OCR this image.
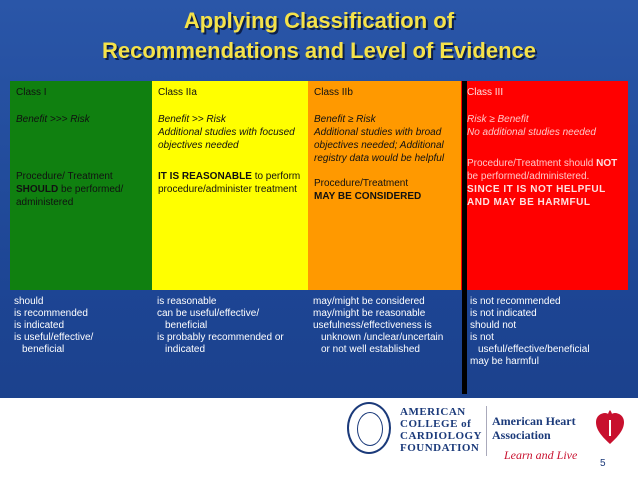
Applying Classification of
Recommendations and Level of Evidence
Class I
Benefit >>> Risk
Procedure/ Treatment
SHOULD be performed/ administered
Class IIa
Benefit >> Risk
Additional studies with focused objectives needed
IT IS REASONABLE to perform procedure/administer treatment
Class IIb
Benefit ≥ Risk
Additional studies with broad objectives needed; Additional registry data would be helpful
Procedure/Treatment
MAY BE CONSIDERED
Class III
Risk ≥ Benefit
No additional studies needed
Procedure/Treatment should NOT be performed/administered.
SINCE IT IS NOT HELPFUL AND MAY BE HARMFUL
should
is recommended
is indicated
is useful/effective/
beneficial
is reasonable
can be useful/effective/
beneficial
is probably recommended or
indicated
may/might be considered
may/might be reasonable
usefulness/effectiveness is
unknown /unclear/uncertain
or not well established
is not recommended
is not indicated
should not
is not
useful/effective/beneficial
may be harmful
AMERICAN
COLLEGE of
CARDIOLOGY
FOUNDATION
American Heart
Association
Learn and Live
5
